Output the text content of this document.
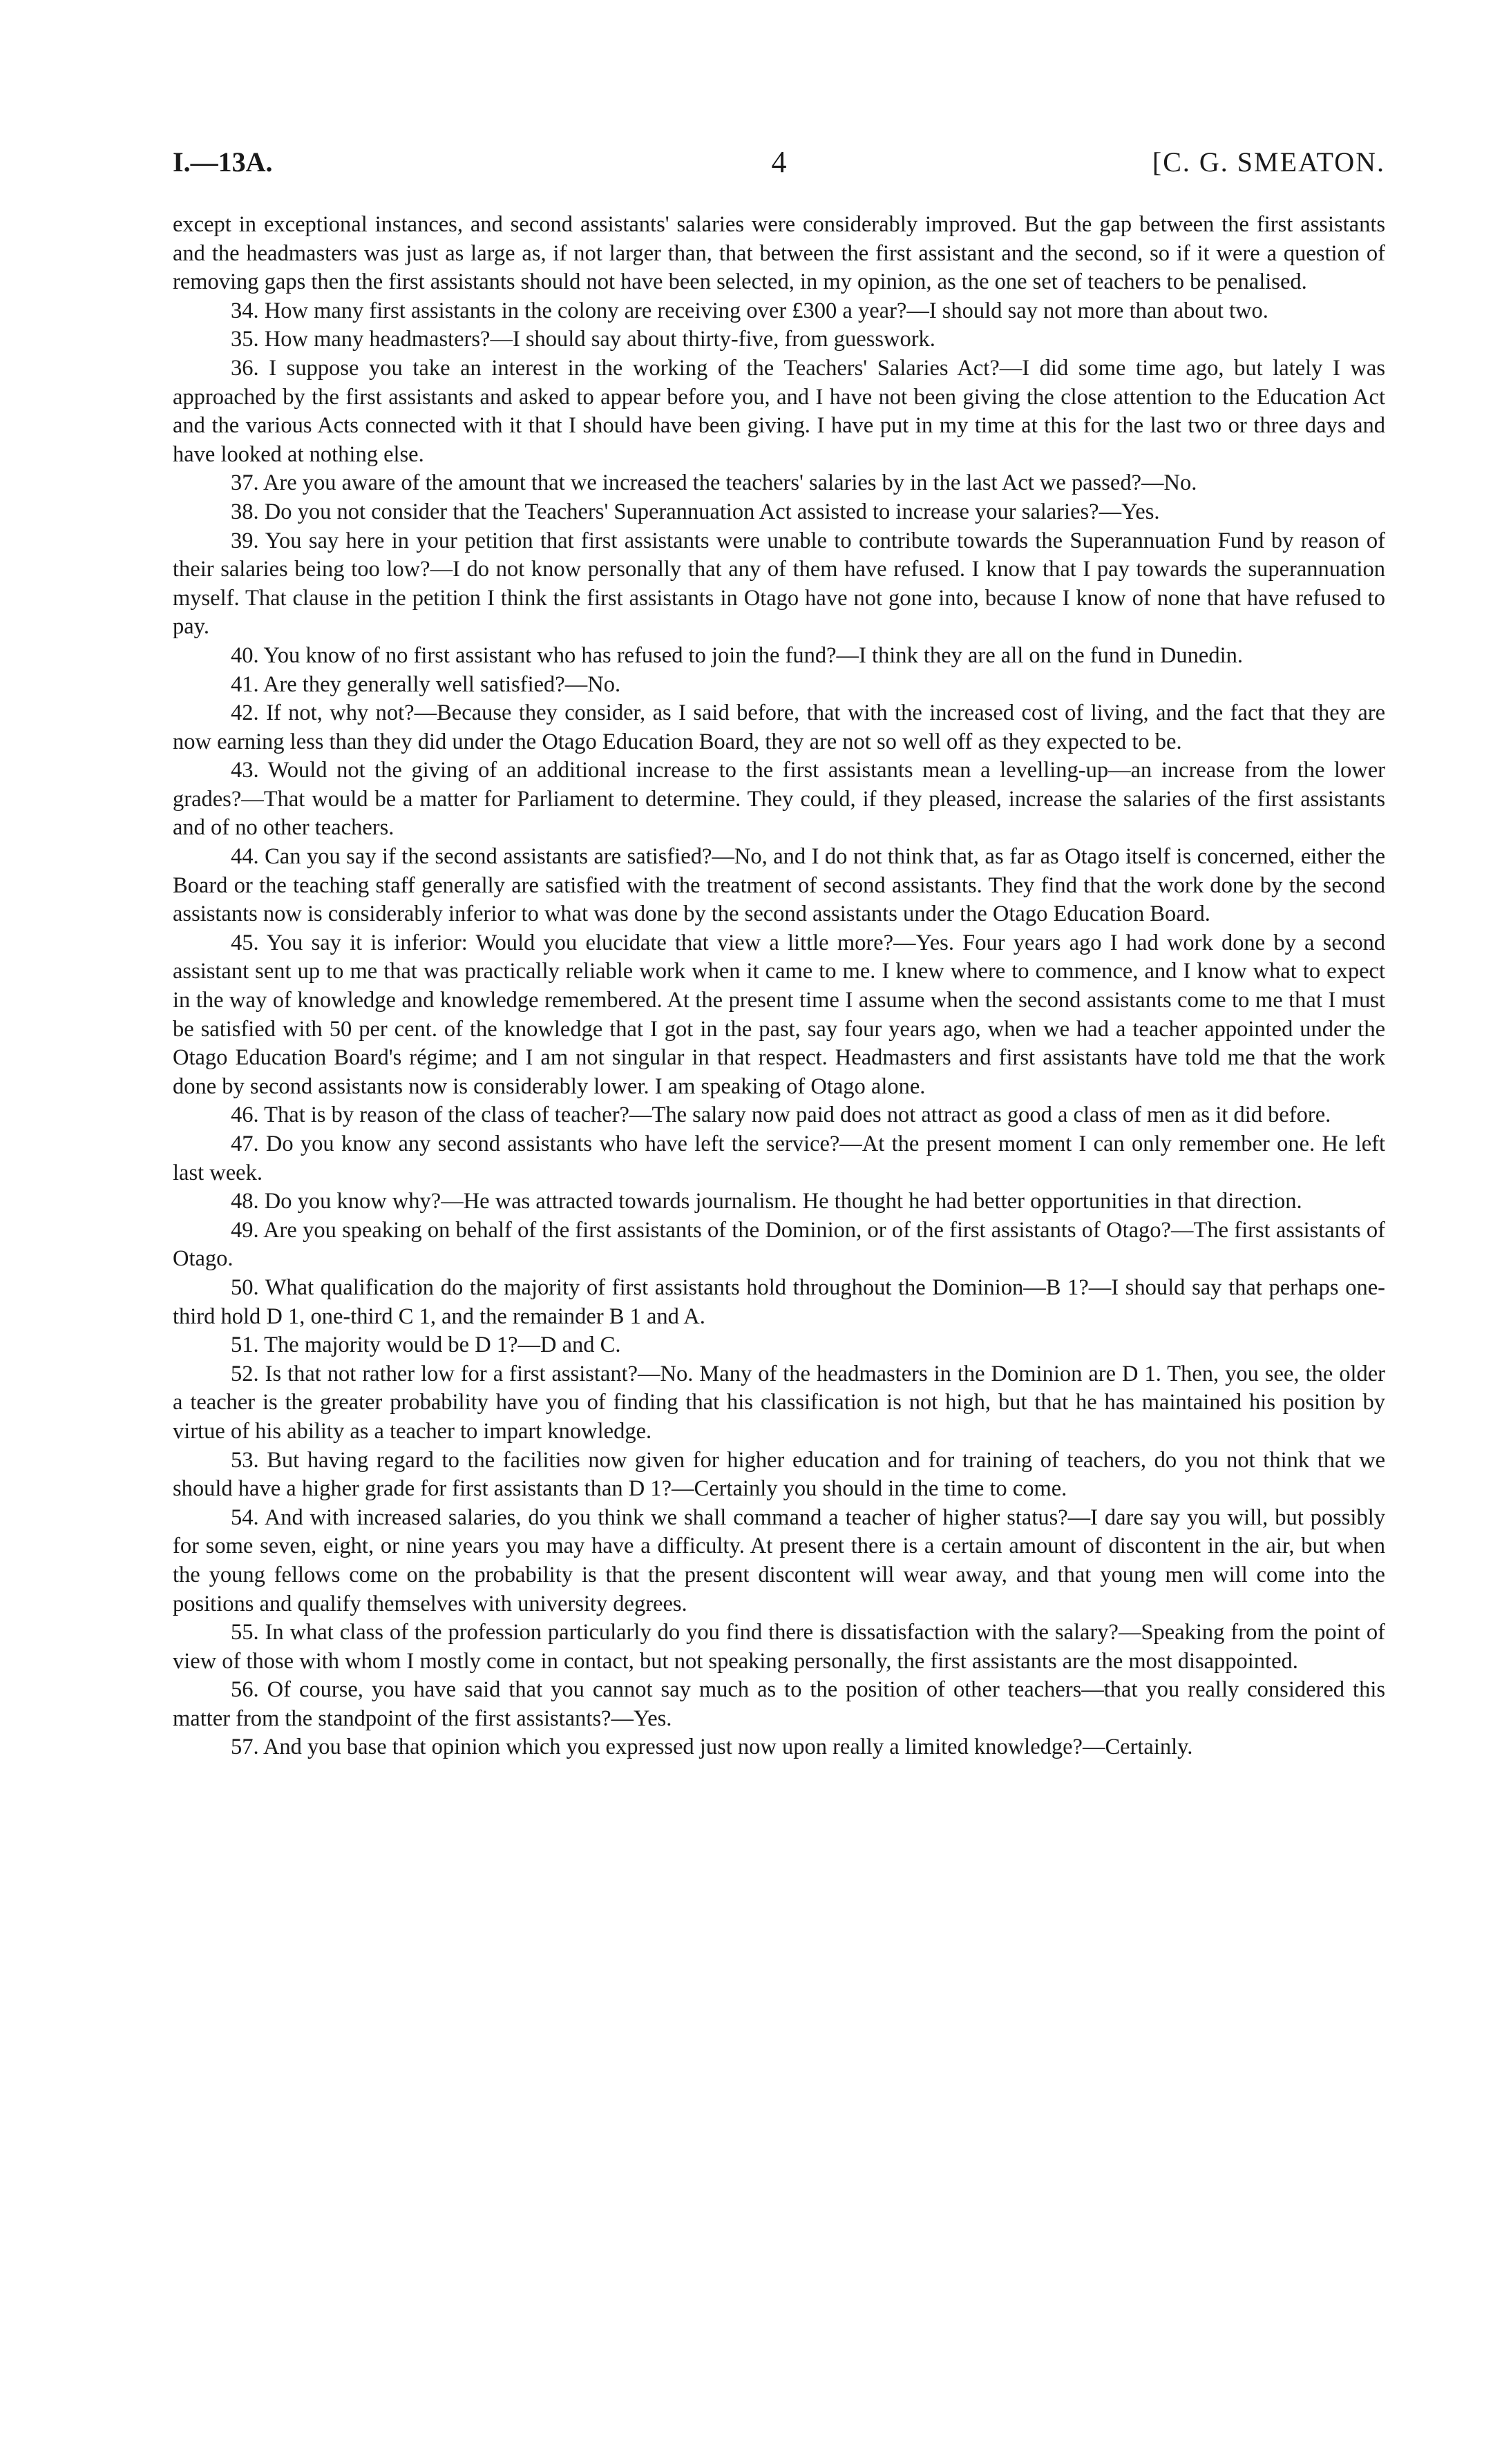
I.—13A.	4	[C. G. SMEATON.

except in exceptional instances, and second assistants' salaries were considerably improved. But the gap between the first assistants and the headmasters was just as large as, if not larger than, that between the first assistant and the second, so if it were a question of removing gaps then the first assistants should not have been selected, in my opinion, as the one set of teachers to be penalised.

34. How many first assistants in the colony are receiving over £300 a year?—I should say not more than about two.

35. How many headmasters?—I should say about thirty-five, from guesswork.

36. I suppose you take an interest in the working of the Teachers' Salaries Act?—I did some time ago, but lately I was approached by the first assistants and asked to appear before you, and I have not been giving the close attention to the Education Act and the various Acts connected with it that I should have been giving. I have put in my time at this for the last two or three days and have looked at nothing else.

37. Are you aware of the amount that we increased the teachers' salaries by in the last Act we passed?—No.

38. Do you not consider that the Teachers' Superannuation Act assisted to increase your salaries?—Yes.

39. You say here in your petition that first assistants were unable to contribute towards the Superannuation Fund by reason of their salaries being too low?—I do not know personally that any of them have refused. I know that I pay towards the superannuation myself. That clause in the petition I think the first assistants in Otago have not gone into, because I know of none that have refused to pay.

40. You know of no first assistant who has refused to join the fund?—I think they are all on the fund in Dunedin.

41. Are they generally well satisfied?—No.

42. If not, why not?—Because they consider, as I said before, that with the increased cost of living, and the fact that they are now earning less than they did under the Otago Education Board, they are not so well off as they expected to be.

43. Would not the giving of an additional increase to the first assistants mean a levelling-up—an increase from the lower grades?—That would be a matter for Parliament to determine. They could, if they pleased, increase the salaries of the first assistants and of no other teachers.

44. Can you say if the second assistants are satisfied?—No, and I do not think that, as far as Otago itself is concerned, either the Board or the teaching staff generally are satisfied with the treatment of second assistants. They find that the work done by the second assistants now is considerably inferior to what was done by the second assistants under the Otago Education Board.

45. You say it is inferior: Would you elucidate that view a little more?—Yes. Four years ago I had work done by a second assistant sent up to me that was practically reliable work when it came to me. I knew where to commence, and I know what to expect in the way of knowledge and knowledge remembered. At the present time I assume when the second assistants come to me that I must be satisfied with 50 per cent. of the knowledge that I got in the past, say four years ago, when we had a teacher appointed under the Otago Education Board's régime; and I am not singular in that respect. Headmasters and first assistants have told me that the work done by second assistants now is considerably lower. I am speaking of Otago alone.

46. That is by reason of the class of teacher?—The salary now paid does not attract as good a class of men as it did before.

47. Do you know any second assistants who have left the service?—At the present moment I can only remember one. He left last week.

48. Do you know why?—He was attracted towards journalism. He thought he had better opportunities in that direction.

49. Are you speaking on behalf of the first assistants of the Dominion, or of the first assistants of Otago?—The first assistants of Otago.

50. What qualification do the majority of first assistants hold throughout the Dominion—B 1?—I should say that perhaps one-third hold D 1, one-third C 1, and the remainder B 1 and A.

51. The majority would be D 1?—D and C.

52. Is that not rather low for a first assistant?—No. Many of the headmasters in the Dominion are D 1. Then, you see, the older a teacher is the greater probability have you of finding that his classification is not high, but that he has maintained his position by virtue of his ability as a teacher to impart knowledge.

53. But having regard to the facilities now given for higher education and for training of teachers, do you not think that we should have a higher grade for first assistants than D 1?—Certainly you should in the time to come.

54. And with increased salaries, do you think we shall command a teacher of higher status?—I dare say you will, but possibly for some seven, eight, or nine years you may have a difficulty. At present there is a certain amount of discontent in the air, but when the young fellows come on the probability is that the present discontent will wear away, and that young men will come into the positions and qualify themselves with university degrees.

55. In what class of the profession particularly do you find there is dissatisfaction with the salary?—Speaking from the point of view of those with whom I mostly come in contact, but not speaking personally, the first assistants are the most disappointed.

56. Of course, you have said that you cannot say much as to the position of other teachers—that you really considered this matter from the standpoint of the first assistants?—Yes.

57. And you base that opinion which you expressed just now upon really a limited knowledge?—Certainly.
